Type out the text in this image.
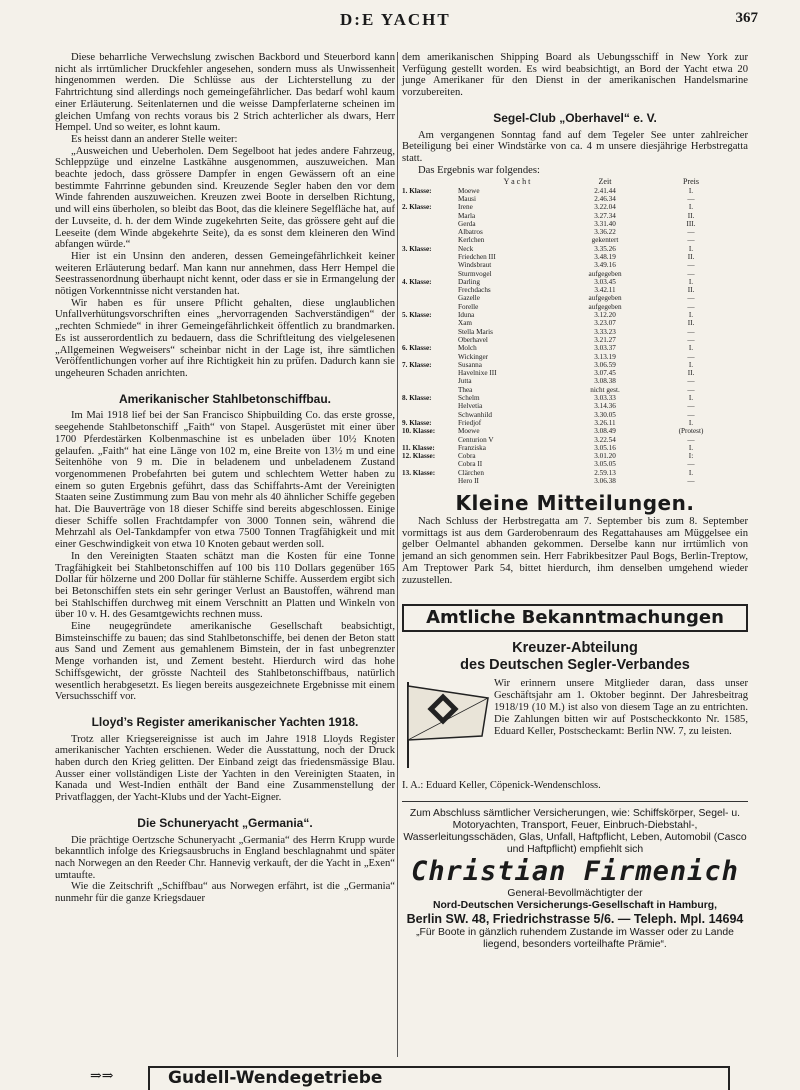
D:E YACHT	367

Diese beharrliche Verwechslung zwischen Backbord und Steuerbord kann nicht als irrtümlicher Druckfehler angesehen, sondern muss als Unwissenheit hingenommen werden. Die Schlüsse aus der Lichterstellung zu der Fahrtrichtung sind allerdings noch gemeingefährlicher. Das bedarf wohl kaum einer Erläuterung. Seitenlaternen und die weisse Dampferlaterne scheinen im gleichen Umfang von rechts voraus bis 2 Strich achterlicher als dwars, Herr Hempel. Und so weiter, es lohnt kaum.

Es heisst dann an anderer Stelle weiter:

„Ausweichen und Ueberholen. Dem Segelboot hat jedes andere Fahrzeug, Schleppzüge und einzelne Lastkähne ausgenommen, auszuweichen. Man beachte jedoch, dass grössere Dampfer in engen Gewässern oft an eine bestimmte Fahrrinne gebunden sind. Kreuzende Segler haben den vor dem Winde fahrenden auszuweichen. Kreuzen zwei Boote in derselben Richtung, und will eins überholen, so bleibt das Boot, das die kleinere Segelfläche hat, auf der Luvseite, d. h. der dem Winde zugekehrten Seite, das grössere geht auf die Leeseite (dem Winde abgekehrte Seite), da es sonst dem kleineren den Wind abfangen würde.“

Hier ist ein Unsinn den anderen, dessen Gemeingefährlichkeit keiner weiteren Erläuterung bedarf. Man kann nur annehmen, dass Herr Hempel die Seestrassenordnung überhaupt nicht kennt, oder dass er sie in Ermangelung der nötigen Vorkenntnisse nicht verstanden hat.

Wir haben es für unsere Pflicht gehalten, diese unglaublichen Unfallverhütungsvorschriften eines „hervorragenden Sachverständigen“ der „rechten Schmiede“ in ihrer Gemeingefährlichkeit öffentlich zu brandmarken. Es ist ausserordentlich zu bedauern, dass die Schriftleitung des vielgelesenen „Allgemeinen Wegweisers“ scheinbar nicht in der Lage ist, ihre sämtlichen Veröffentlichungen vorher auf ihre Richtigkeit hin zu prüfen. Dadurch kann sie ungeheuren Schaden anrichten.

Amerikanischer Stahlbetonschiffbau.

Im Mai 1918 lief bei der San Francisco Shipbuilding Co. das erste grosse, seegehende Stahlbetonschiff „Faith“ von Stapel. Ausgerüstet mit einer über 1700 Pferdestärken Kolbenmaschine ist es unbeladen über 10½ Knoten gelaufen. „Faith“ hat eine Länge von 102 m, eine Breite von 13½ m und eine Seitenhöhe von 9 m. Die in beladenem und unbeladenem Zustand vorgenommenen Probefahrten bei gutem und schlechtem Wetter haben zu einem so guten Ergebnis geführt, dass das Schiffahrts-Amt der Vereinigten Staaten seine Zustimmung zum Bau von mehr als 40 ähnlicher Schiffe gegeben hat. Die Bauverträge von 18 dieser Schiffe sind bereits abgeschlossen. Einige dieser Schiffe sollen Frachtdampfer von 3000 Tonnen sein, während die Mehrzahl als Oel-Tankdampfer von etwa 7500 Tonnen Tragfähigkeit und mit einer Geschwindigkeit von etwa 10 Knoten gebaut werden soll.

In den Vereinigten Staaten schätzt man die Kosten für eine Tonne Tragfähigkeit bei Stahlbetonschiffen auf 100 bis 110 Dollars gegenüber 165 Dollar für hölzerne und 200 Dollar für stählerne Schiffe. Ausserdem ergibt sich bei Betonschiffen stets ein sehr geringer Verlust an Baustoffen, während man bei Stahlschiffen durchweg mit einem Verschnitt an Platten und Winkeln von über 10 v. H. des Gesamtgewichts rechnen muss.

Eine neugegründete amerikanische Gesellschaft beabsichtigt, Bimsteinschiffe zu bauen; das sind Stahlbetonschiffe, bei denen der Beton statt aus Sand und Zement aus gemahlenem Bimstein, der in fast unbegrenzter Menge vorhanden ist, und Zement besteht. Hierdurch wird das hohe Schiffsgewicht, der grösste Nachteil des Stahlbetonschiffbaus, natürlich wesentlich herabgesetzt. Es liegen bereits ausgezeichnete Ergebnisse mit einem Versuchsschiff vor.

Lloyd’s Register amerikanischer Yachten 1918.

Trotz aller Kriegsereignisse ist auch im Jahre 1918 Lloyds Register amerikanischer Yachten erschienen. Weder die Ausstattung, noch der Druck haben durch den Krieg gelitten. Der Einband zeigt das friedensmässige Blau. Ausser einer vollständigen Liste der Yachten in den Vereinigten Staaten, in Kanada und West-Indien enthält der Band eine Zusammenstellung der Privatflaggen, der Yacht-Klubs und der Yacht-Eigner.

Die Schuneryacht „Germania“.

Die prächtige Oertzsche Schuneryacht „Germania“ des Herrn Krupp wurde bekanntlich infolge des Kriegsausbruchs in England beschlagnahmt und später nach Norwegen an den Reeder Chr. Hannevig verkauft, der die Yacht in „Exen“ umtaufte.

Wie die Zeitschrift „Schiffbau“ aus Norwegen erfährt, ist die „Germania“ nunmehr für die ganze Kriegsdauer

dem amerikanischen Shipping Board als Uebungsschiff in New York zur Verfügung gestellt worden. Es wird beabsichtigt, an Bord der Yacht etwa 20 junge Amerikaner für den Dienst in der amerikanischen Handelsmarine vorzubereiten.

Segel-Club „Oberhavel“ e. V.

Am vergangenen Sonntag fand auf dem Tegeler See unter zahlreicher Beteiligung bei einer Windstärke von ca. 4 m unsere diesjährige Herbstregatta statt.

Das Ergebnis war folgendes:

	Y a c h t	Zeit	Preis
1. Klasse:	Moewe	2.41.44	I.
	Mausi	2.46.34	—
2. Klasse:	Irene	3.22.04	I.
	Marla	3.27.34	II.
	Gerda	3.31.40	III.
	Albatros	3.36.22	—
	Kerlchen	gekentert	—
3. Klasse:	Neck	3.35.26	I.
	Friedchen III	3.48.19	II.
	Windsbraut	3.49.16	—
	Sturmvogel	aufgegeben	—
4. Klasse:	Darling	3.03.45	I.
	Frechdachs	3.42.11	II.
	Gazelle	aufgegeben	—
	Forelle	aufgegeben	—
5. Klasse:	Iduna	3.12.20	I.
	Xam	3.23.07	II.
	Stella Maris	3.33.23	—
	Oberhavel	3.21.27	—
6. Klasse:	Molch	3.03.37	I.
	Wickinger	3.13.19	—
7. Klasse:	Susanna	3.06.59	I.
	Havelnixe III	3.07.45	II.
	Jutta	3.08.38	—
	Thea	nicht gest.	—
8. Klasse:	Schelm	3.03.33	I.
	Helvetia	3.14.36	—
	Schwanhild	3.30.05	—
9. Klasse:	Friedjof	3.26.11	I.
10. Klasse:	Moewe	3.08.49	(Protest)
	Centurion V	3.22.54	—
11. Klasse:	Franziska	3.05.16	I.
12. Klasse:	Cobra	3.01.20	I:
	Cobra II	3.05.05	—
13. Klasse:	Clärchen	2.59.13	I.
	Hero II	3.06.38	—
Kleine Mitteilungen.

Nach Schluss der Herbstregatta am 7. September bis zum 8. September vormittags ist aus dem Garderobenraum des Regattahauses am Müggelsee ein gelber Oelmantel abhanden gekommen. Derselbe kann nur irrtümlich von jemand an sich genommen sein. Herr Fabrikbesitzer Paul Bogs, Berlin-Treptow, Am Treptower Park 54, bittet hierdurch, ihm denselben umgehend wieder zuzustellen.

Amtliche Bekanntmachungen
Kreuzer-Abteilung
des Deutschen Segler-Verbandes
Wir erinnern unsere Mitglieder daran, dass unser Geschäftsjahr am 1. Oktober beginnt. Der Jahresbeitrag 1918/19 (10 M.) ist also von diesem Tage an zu entrichten. Die Zahlungen bitten wir auf Postscheckkonto Nr. 1585, Eduard Keller, Postscheckamt: Berlin NW. 7, zu leisten.
I. A.: Eduard Keller, Cöpenick-Wendenschloss.
Zum Abschluss sämtlicher Versicherungen, wie: Schiffskörper, Segel- u. Motoryachten, Transport, Feuer, Einbruch-Diebstahl-, Wasserleitungsschäden, Glas, Unfall, Haftpflicht, Leben, Automobil (Casco und Haftpflicht) empfiehlt sich
Christian Firmenich
General-Bevollmächtigter der
Nord-Deutschen Versicherungs-Gesellschaft in Hamburg,
Berlin SW. 48, Friedrichstrasse 5/6. — Teleph. Mpl. 14694
„Für Boote in gänzlich ruhendem Zustande im Wasser oder zu Lande liegend, besonders vorteilhafte Prämie“.
⇒⇒	Gudell-Wendegetriebe
